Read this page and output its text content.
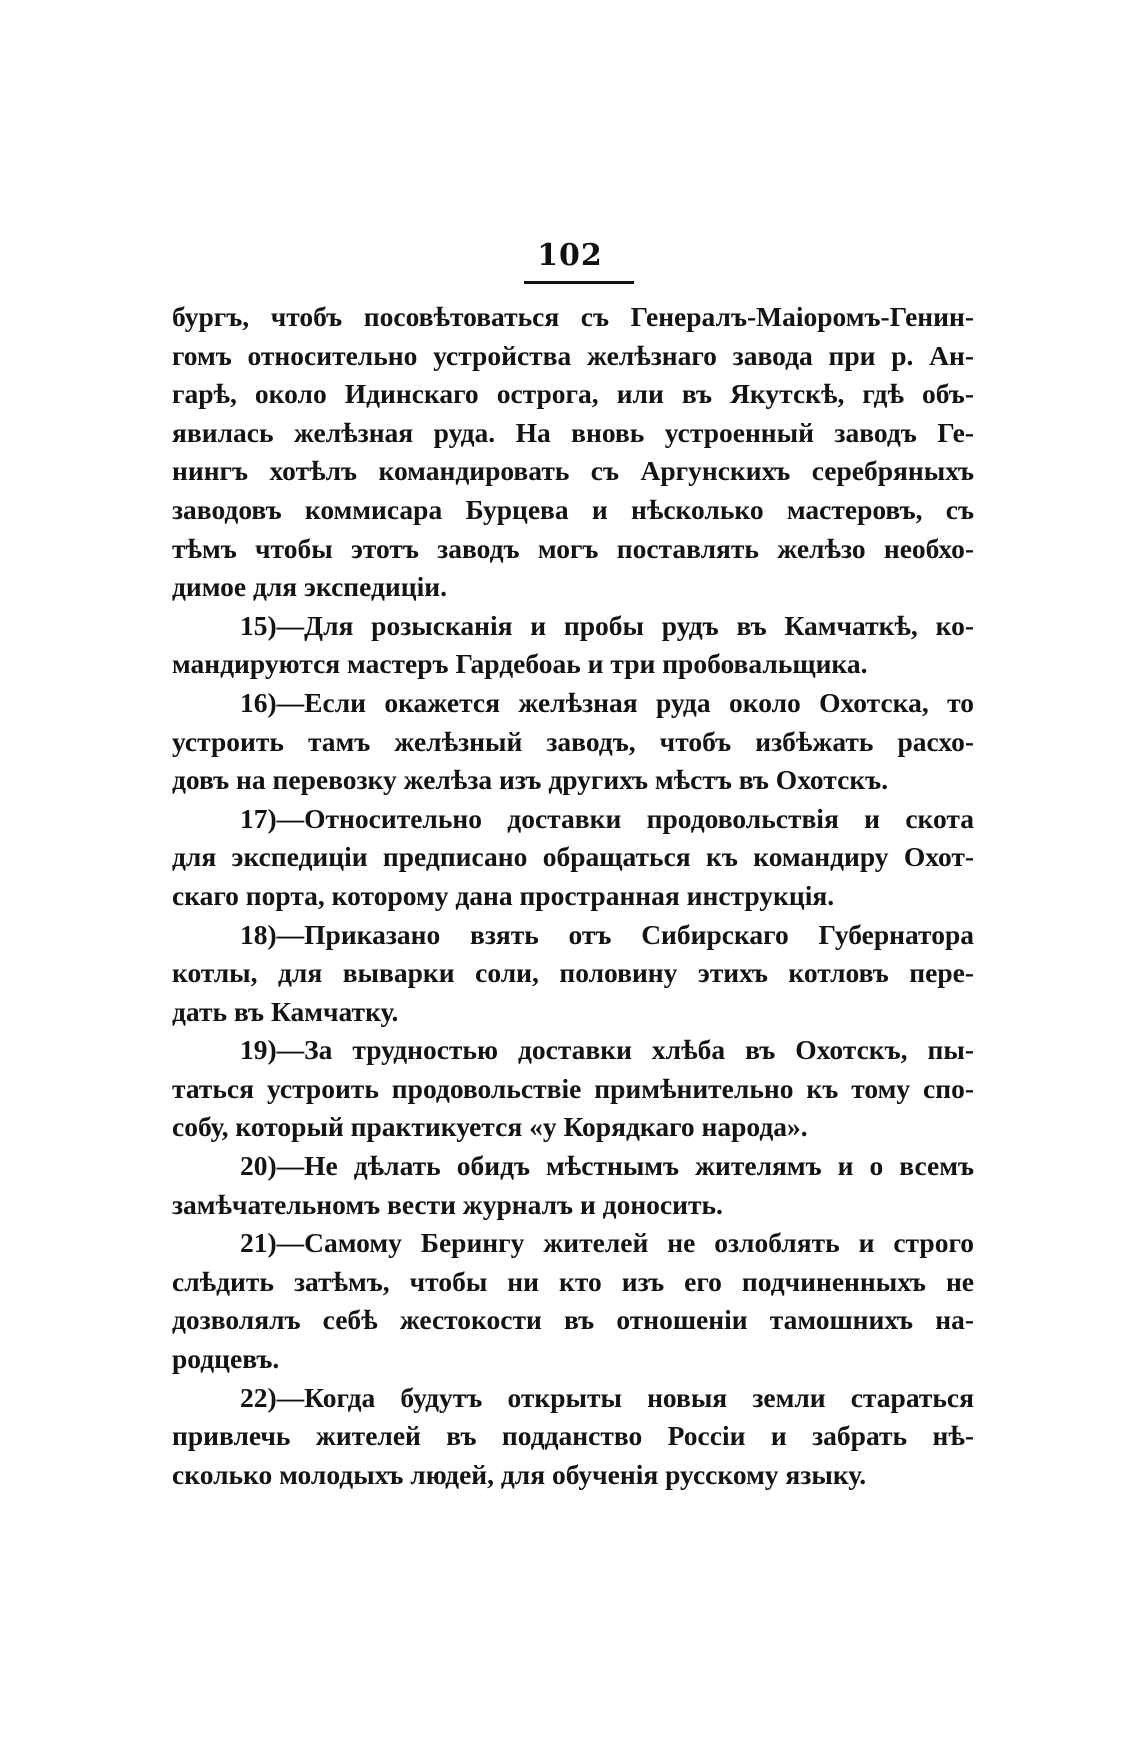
102
бургъ, чтобъ посовѣтоваться съ Генералъ-Маіоромъ-Генин-
гомъ относительно устройства желѣзнаго завода при р. Ан-
гарѣ, около Идинскаго острога, или въ Якутскѣ, гдѣ объ-
явилась желѣзная руда. На вновь устроенный заводъ Ге-
нингъ хотѣлъ командировать съ Аргунскихъ серебряныхъ
заводовъ коммисара Бурцева и нѣсколько мастеровъ, съ
тѣмъ чтобы этотъ заводъ могъ поставлять желѣзо необхо-
димое для экспедиціи.
15)—Для розысканія и пробы рудъ въ Камчаткѣ, ко-
мандируются мастеръ Гардебоаь и три пробовальщика.
16)—Если окажется желѣзная руда около Охотска, то
устроить тамъ желѣзный заводъ, чтобъ избѣжать расхо-
довъ на перевозку желѣза изъ другихъ мѣстъ въ Охотскъ.
17)—Относительно доставки продовольствія и скота
для экспедиціи предписано обращаться къ командиру Охот-
скаго порта, которому дана пространная инструкція.
18)—Приказано взять отъ Сибирскаго Губернатора
котлы, для выварки соли, половину этихъ котловъ пере-
дать въ Камчатку.
19)—За трудностью доставки хлѣба въ Охотскъ, пы-
таться устроить продовольствіе примѣнительно къ тому спо-
собу, который практикуется «у Корядкаго народа».
20)—Не дѣлать обидъ мѣстнымъ жителямъ и о всемъ
замѣчательномъ вести журналъ и доносить.
21)—Самому Берингу жителей не озлоблять и строго
слѣдить затѣмъ, чтобы ни кто изъ его подчиненныхъ не
дозволялъ себѣ жестокости въ отношеніи тамошнихъ на-
родцевъ.
22)—Когда будутъ открыты новыя земли стараться
привлечь жителей въ подданство Россіи и забрать нѣ-
сколько молодыхъ людей, для обученія русскому языку.
